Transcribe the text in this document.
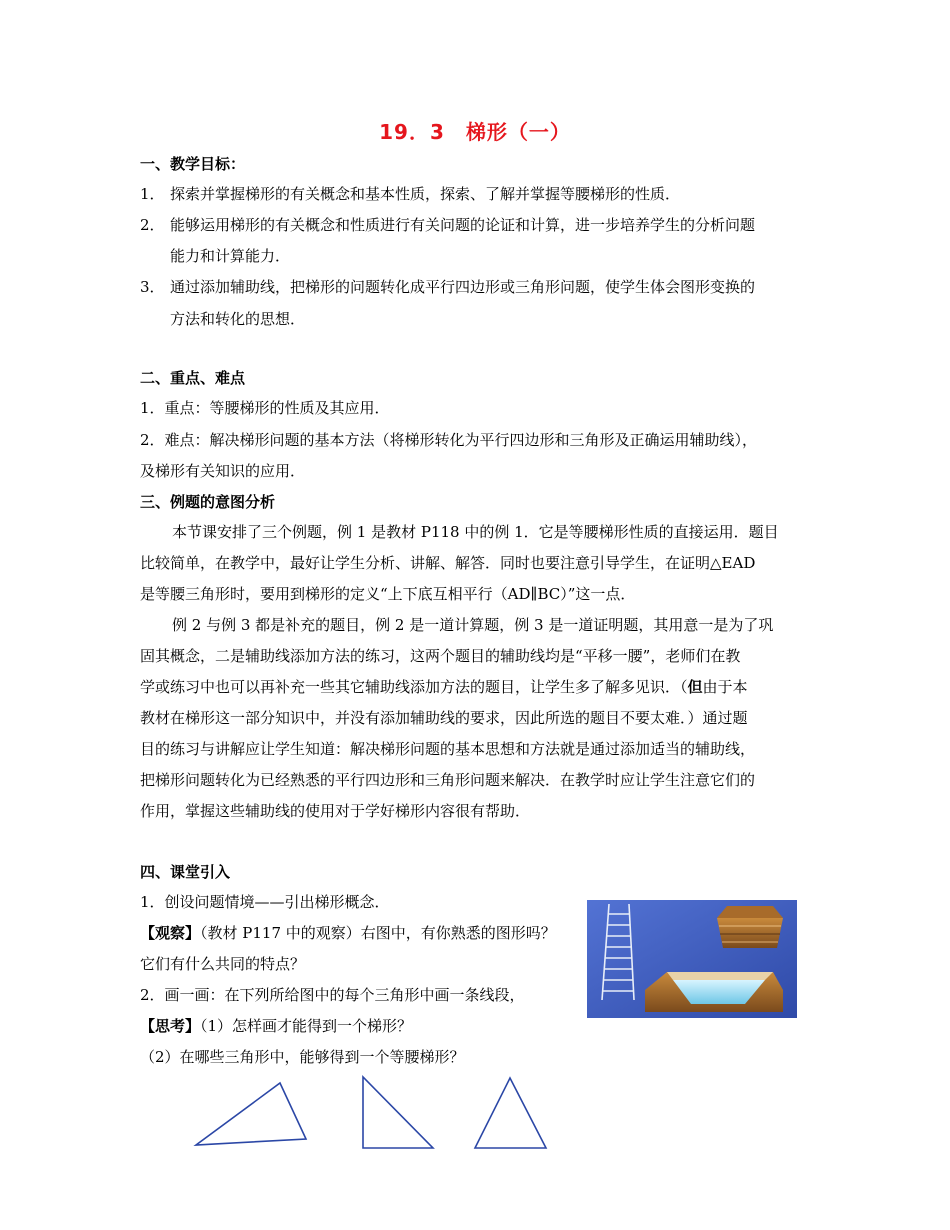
19．3　梯形（一）
一、教学目标：
1． 探索并掌握梯形的有关概念和基本性质，探索、了解并掌握等腰梯形的性质．
2． 能够运用梯形的有关概念和性质进行有关问题的论证和计算，进一步培养学生的分析问题
能力和计算能力．
3． 通过添加辅助线，把梯形的问题转化成平行四边形或三角形问题，使学生体会图形变换的
方法和转化的思想．
二、重点、难点
1．重点：等腰梯形的性质及其应用．
2．难点：解决梯形问题的基本方法（将梯形转化为平行四边形和三角形及正确运用辅助线），
及梯形有关知识的应用．
三、例题的意图分析
本节课安排了三个例题，例 1 是教材 P118 中的例 1．它是等腰梯形性质的直接运用．题目
比较简单，在教学中，最好让学生分析、讲解、解答．同时也要注意引导学生，在证明△EAD
是等腰三角形时，要用到梯形的定义“上下底互相平行（AD∥BC）”这一点．
例 2 与例 3 都是补充的题目，例 2 是一道计算题，例 3 是一道证明题，其用意一是为了巩
固其概念，二是辅助线添加方法的练习，这两个题目的辅助线均是“平移一腰”，老师们在教
学或练习中也可以再补充一些其它辅助线添加方法的题目，让学生多了解多见识．（但由于本
教材在梯形这一部分知识中，并没有添加辅助线的要求，因此所选的题目不要太难．）通过题
目的练习与讲解应让学生知道：解决梯形问题的基本思想和方法就是通过添加适当的辅助线，
把梯形问题转化为已经熟悉的平行四边形和三角形问题来解决．在教学时应让学生注意它们的
作用，掌握这些辅助线的使用对于学好梯形内容很有帮助．
四、课堂引入
1．创设问题情境——引出梯形概念．
【观察】（教材 P117 中的观察）右图中，有你熟悉的图形吗？
它们有什么共同的特点？
2．画一画：在下列所给图中的每个三角形中画一条线段，
【思考】（1）怎样画才能得到一个梯形？
（2）在哪些三角形中，能够得到一个等腰梯形？
